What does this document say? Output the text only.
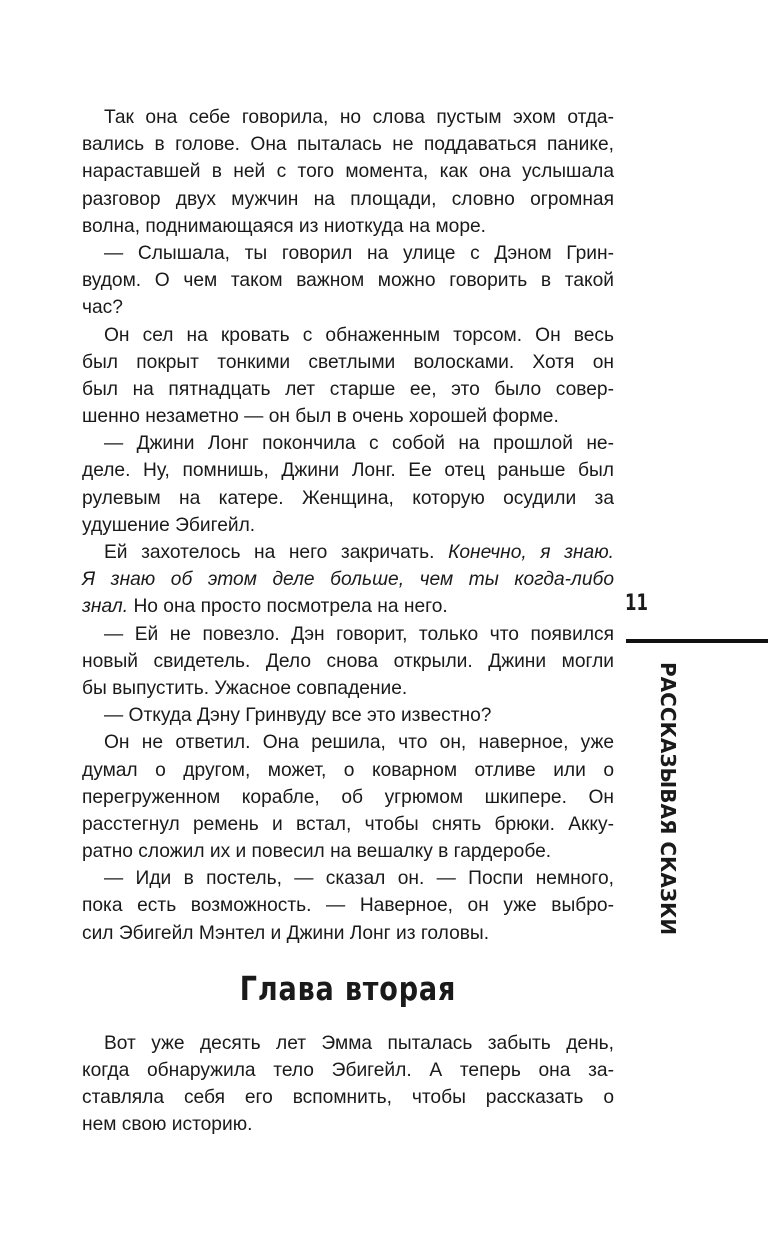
Так она себе говорила, но слова пустым эхом отда-
вались в голове. Она пыталась не поддаваться панике,
нараставшей в ней с того момента, как она услышала
разговор двух мужчин на площади, словно огромная
волна, поднимающаяся из ниоткуда на море.
— Слышала, ты говорил на улице с Дэном Грин-
вудом. О чем таком важном можно говорить в такой
час?
Он сел на кровать с обнаженным торсом. Он весь
был покрыт тонкими светлыми волосками. Хотя он
был на пятнадцать лет старше ее, это было совер-
шенно незаметно — он был в очень хорошей форме.
— Джини Лонг покончила с собой на прошлой не-
деле. Ну, помнишь, Джини Лонг. Ее отец раньше был
рулевым на катере. Женщина, которую осудили за
удушение Эбигейл.
Ей захотелось на него закричать. Конечно, я знаю.
Я знаю об этом деле больше, чем ты когда-либо
знал. Но она просто посмотрела на него.
— Ей не повезло. Дэн говорит, только что появился
новый свидетель. Дело снова открыли. Джини могли
бы выпустить. Ужасное совпадение.
— Откуда Дэну Гринвуду все это известно?
Он не ответил. Она решила, что он, наверное, уже
думал о другом, может, о коварном отливе или о
перегруженном корабле, об угрюмом шкипере. Он
расстегнул ремень и встал, чтобы снять брюки. Акку-
ратно сложил их и повесил на вешалку в гардеробе.
— Иди в постель, — сказал он. — Поспи немного,
пока есть возможность. — Наверное, он уже выбро-
сил Эбигейл Мэнтел и Джини Лонг из головы.
Глава вторая
Вот уже десять лет Эмма пыталась забыть день,
когда обнаружила тело Эбигейл. А теперь она за-
ставляла себя его вспомнить, чтобы рассказать о
нем свою историю.
11
РАССКАЗЫВАЯ СКАЗКИ
